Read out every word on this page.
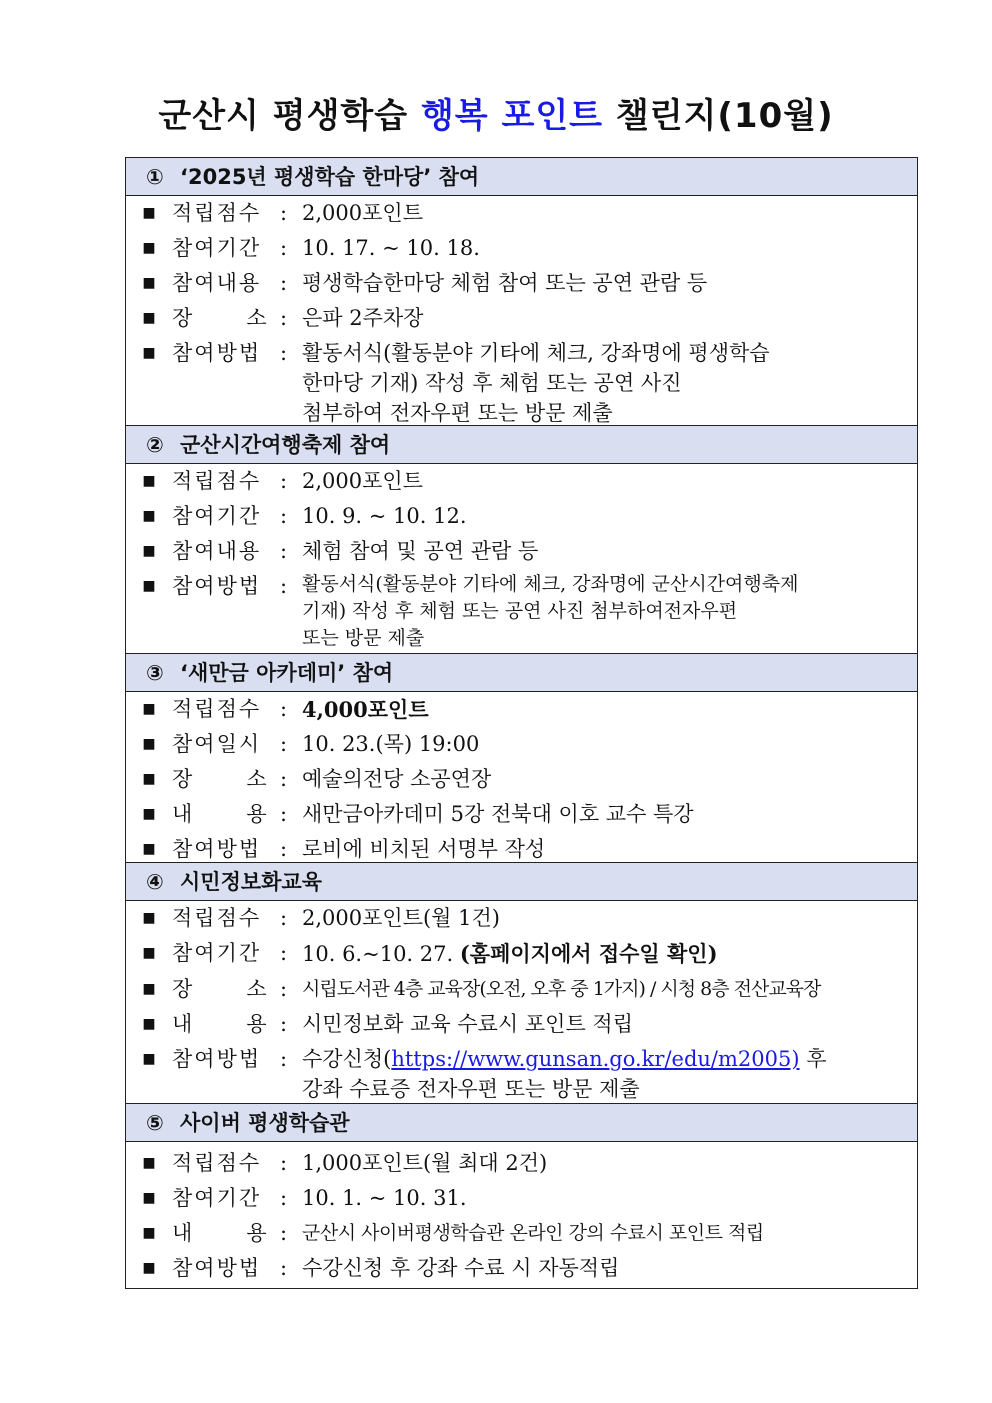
군산시 평생학습 행복 포인트 챌린지(10월)
① ‘2025년 평생학습 한마당’ 참여
■ 적립점수 : 2,000포인트
■ 참여기간 : 10. 17. ~ 10. 18.
■ 참여내용 : 평생학습한마당 체험 참여 또는 공연 관람 등
■ 장      소 : 은파 2주차장
■ 참여방법 : 활동서식(활동분야 기타에 체크, 강좌명에 평생학습
한마당 기재) 작성 후 체험 또는 공연 사진
첨부하여 전자우편 또는 방문 제출
② 군산시간여행축제 참여
■ 적립점수 : 2,000포인트
■ 참여기간 : 10. 9. ~ 10. 12.
■ 참여내용 : 체험 참여 및 공연 관람 등
■ 참여방법 : 활동서식(활동분야 기타에 체크, 강좌명에 군산시간여행축제
기재) 작성 후 체험 또는 공연 사진 첨부하여전자우편
또는 방문 제출
③ ‘새만금 아카데미’ 참여
■ 적립점수 : 4,000포인트
■ 참여일시 : 10. 23.(목) 19:00
■ 장      소 : 예술의전당 소공연장
■ 내      용 : 새만금아카데미 5강 전북대 이호 교수 특강
■ 참여방법 : 로비에 비치된 서명부 작성
④ 시민정보화교육
■ 적립점수 : 2,000포인트(월 1건)
■ 참여기간 : 10. 6.~10. 27. (홈페이지에서 접수일 확인)
■ 장      소 : 시립도서관 4층 교육장(오전, 오후 중 1가지) / 시청 8층 전산교육장
■ 내      용 : 시민정보화 교육 수료시 포인트 적립
■ 참여방법 : 수강신청(https://www.gunsan.go.kr/edu/m2005) 후
강좌 수료증 전자우편 또는 방문 제출
⑤ 사이버 평생학습관
■ 적립점수 : 1,000포인트(월 최대 2건)
■ 참여기간 : 10. 1. ~ 10. 31.
■ 내      용 : 군산시 사이버평생학습관 온라인 강의 수료시 포인트 적립
■ 참여방법 : 수강신청 후 강좌 수료 시 자동적립
